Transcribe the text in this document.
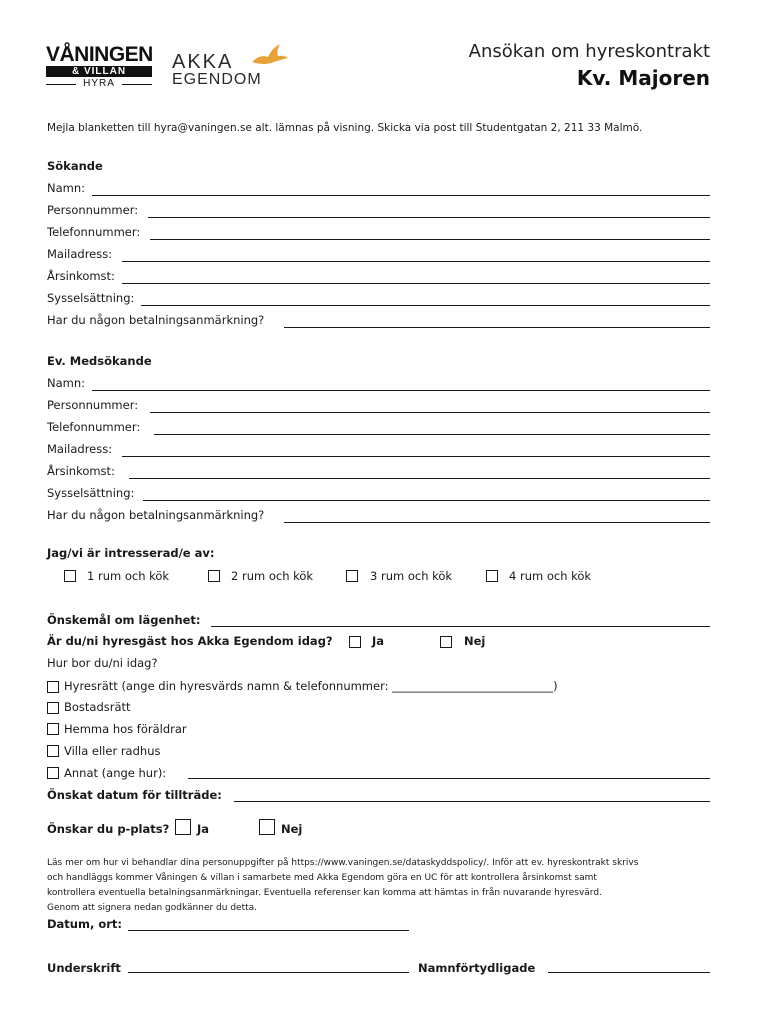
VÅNINGEN
& VILLAN
HYRA
AKKA
EGENDOM
Ansökan om hyreskontrakt
Kv. Majoren
Mejla blanketten till hyra@vaningen.se alt. lämnas på visning. Skicka via post till Studentgatan 2, 211 33 Malmö.
Sökande
Namn:
Personnummer:
Telefonnummer:
Mailadress:
Årsinkomst:
Sysselsättning:
Har du någon betalningsanmärkning?
Ev. Medsökande
Namn:
Personnummer:
Telefonnummer:
Mailadress:
Årsinkomst:
Sysselsättning:
Har du någon betalningsanmärkning?
Jag/vi är intresserad/e av:
1 rum och kök	2 rum och kök	3 rum och kök	4 rum och kök
Önskemål om lägenhet:
Är du/ni hyresgäst hos Akka Egendom idag?	Ja	Nej
Hur bor du/ni idag?
Hyresrätt (ange din hyresvärds namn & telefonnummer: ____________________________)
Bostadsrätt
Hemma hos föräldrar
Villa eller radhus
Annat (ange hur):
Önskat datum för tillträde:
Önskar du p-plats? Ja	Nej
Läs mer om hur vi behandlar dina personuppgifter på https://www.vaningen.se/dataskyddspolicy/. Inför att ev. hyreskontrakt skrivs
och handläggs kommer Våningen & villan i samarbete med Akka Egendom göra en UC för att kontrollera årsinkomst samt
kontrollera eventuella betalningsanmärkningar. Eventuella referenser kan komma att hämtas in från nuvarande hyresvärd.
Genom att signera nedan godkänner du detta.
Datum, ort:
Underskrift	Namnförtydligade
